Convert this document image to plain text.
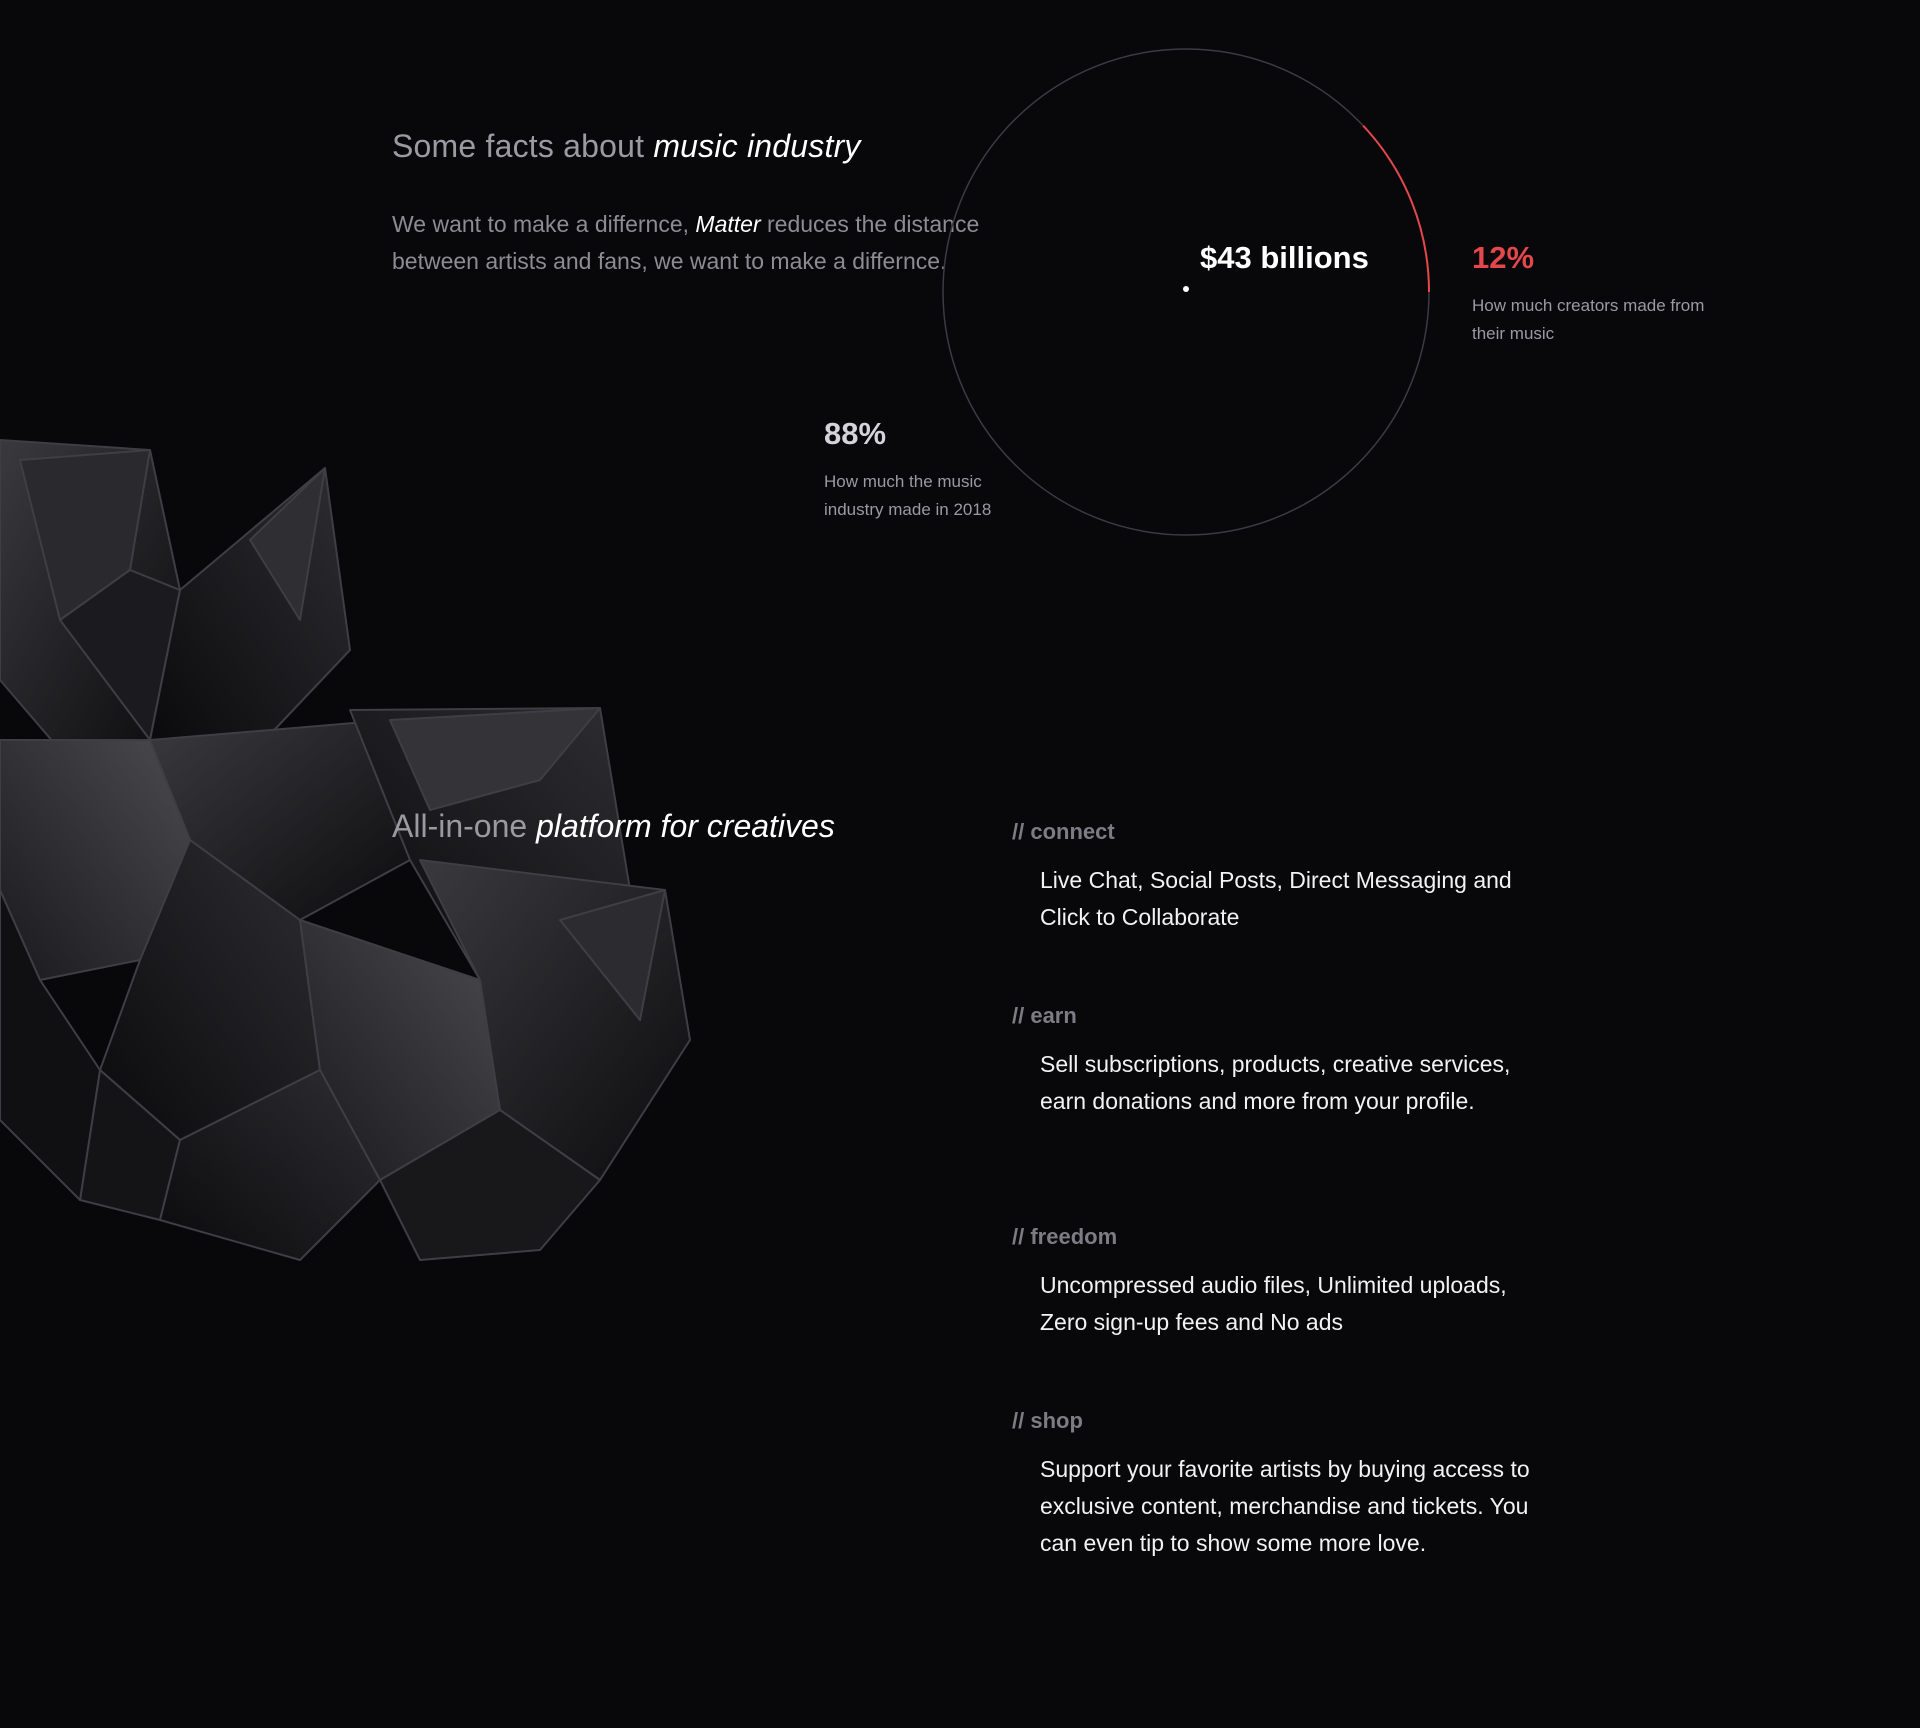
Some facts about music industry

We want to make a differnce, Matter reduces the distance between artists and fans, we want to make a differnce.	$43 billions	12%
How much creators made from their music
88%
How much the music industry made in 2018
All-in-one platform for creatives	// connect
Live Chat, Social Posts, Direct Messaging and Click to Collaborate
// earn
Sell subscriptions, products, creative services, earn donations and more from your profile.
// freedom
Uncompressed audio files, Unlimited uploads, Zero sign-up fees and No ads
// shop
Support your favorite artists by buying access to exclusive content, merchandise and tickets. You can even tip to show some more love.
